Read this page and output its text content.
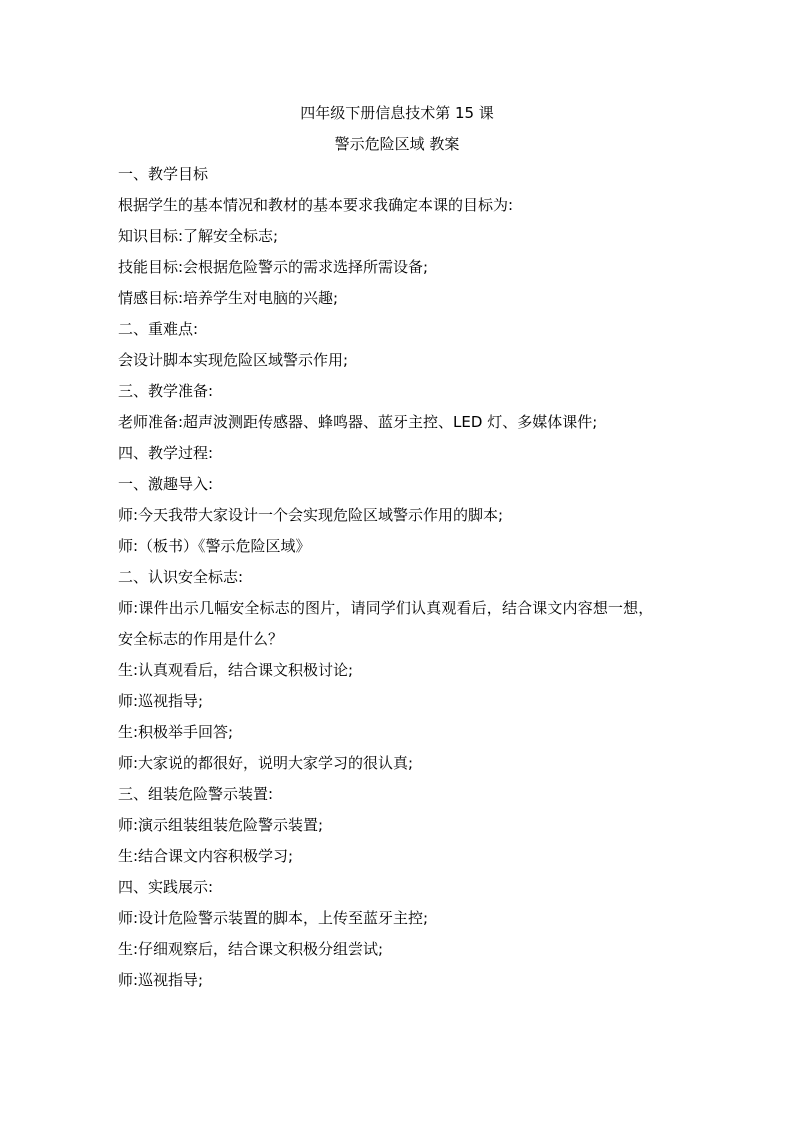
四年级下册信息技术第 15 课
警示危险区域 教案
一、教学目标
根据学生的基本情况和教材的基本要求我确定本课的目标为:
知识目标:了解安全标志;
技能目标:会根据危险警示的需求选择所需设备;
情感目标:培养学生对电脑的兴趣;
二、重难点:
会设计脚本实现危险区域警示作用;
三、教学准备:
老师准备:超声波测距传感器、蜂鸣器、蓝牙主控、LED 灯、多媒体课件;
四、教学过程:
一、激趣导入:
师:今天我带大家设计一个会实现危险区域警示作用的脚本;
师:（板书）《警示危险区域》
二、认识安全标志:
师:课件出示几幅安全标志的图片，请同学们认真观看后，结合课文内容想一想，
安全标志的作用是什么？
生:认真观看后，结合课文积极讨论;
师:巡视指导;
生:积极举手回答;
师:大家说的都很好，说明大家学习的很认真;
三、组装危险警示装置:
师:演示组装组装危险警示装置;
生:结合课文内容积极学习;
四、实践展示:
师:设计危险警示装置的脚本，上传至蓝牙主控;
生:仔细观察后，结合课文积极分组尝试;
师:巡视指导;
